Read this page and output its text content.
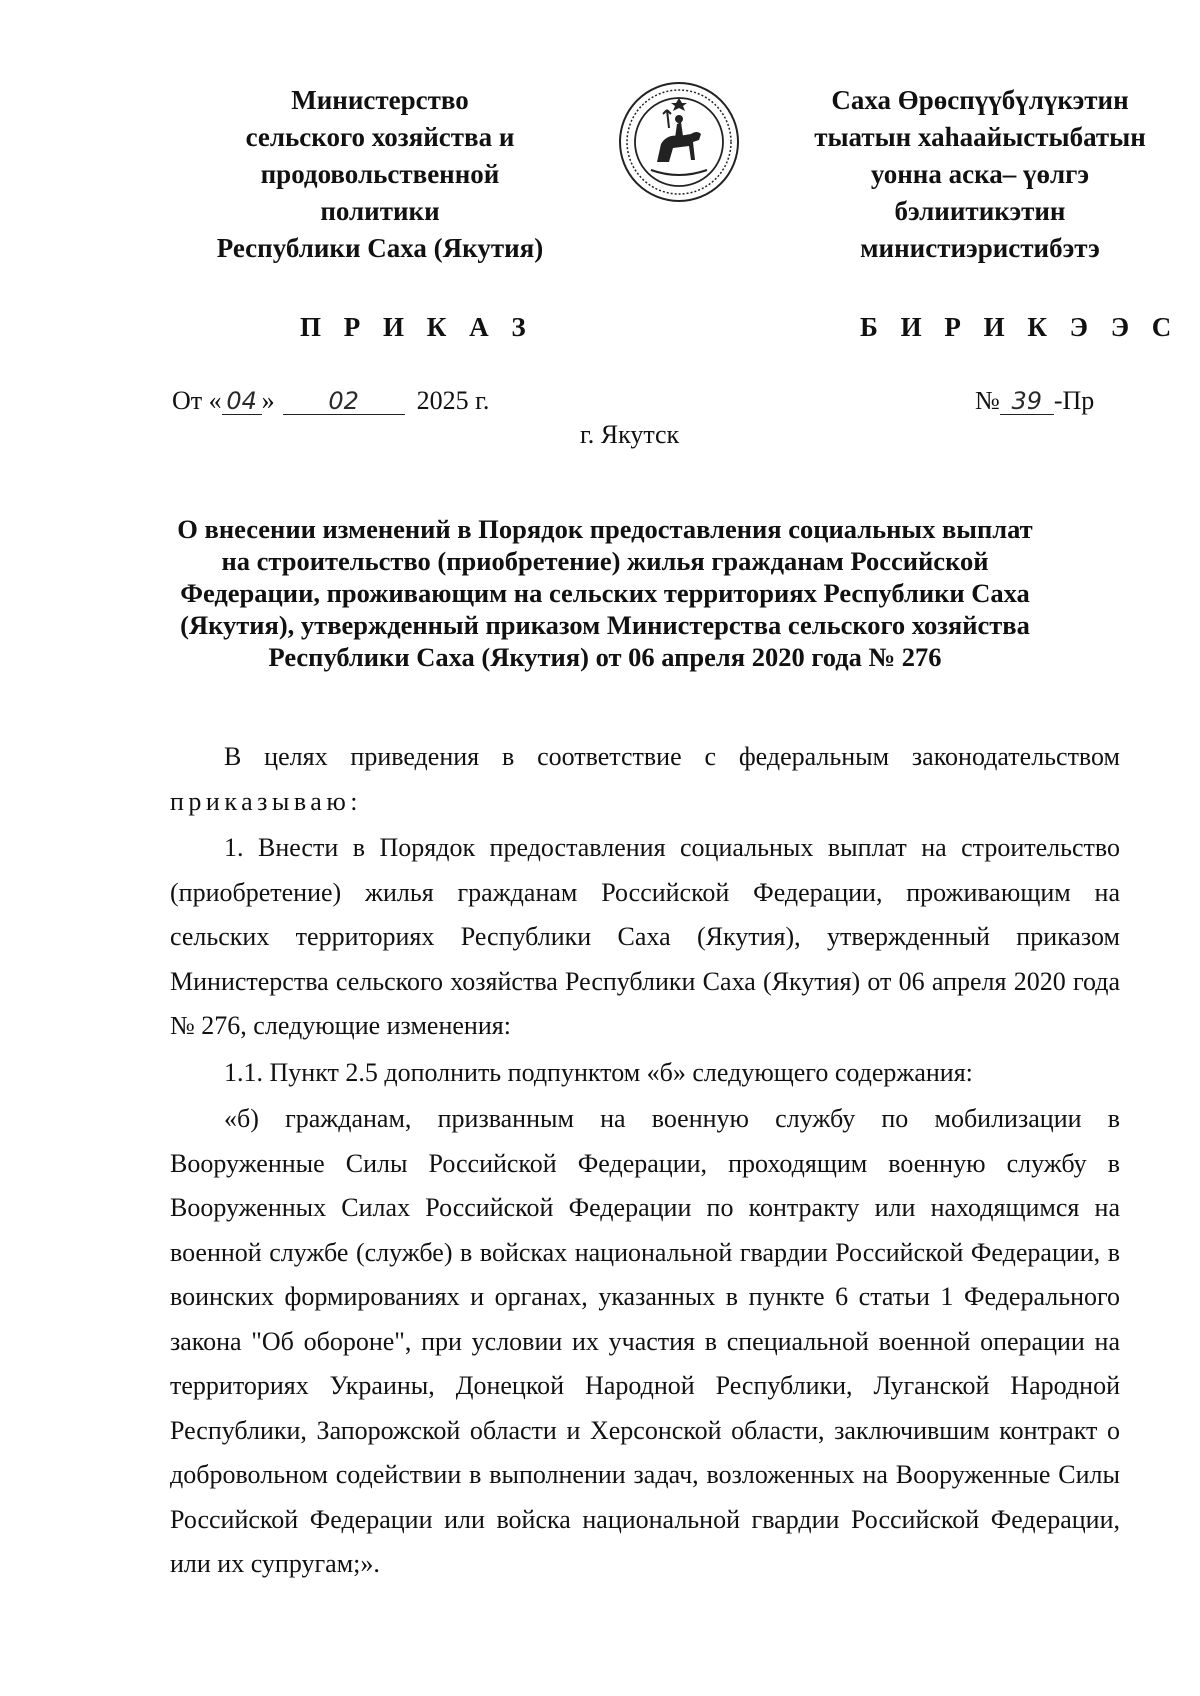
Министерство
сельского хозяйства и
продовольственной
политики
Республики Саха (Якутия)
Саха Өрөспүүбүлүкэтин
тыатын хаһаайыстыбатын
уонна аска– үөлгэ
бэлиитикэтин
министиэристибэтэ
П Р И К А З	Б И Р И К Э Э С
От « 04 » 02 2025 г.	№ 39 -Пр
г. Якутск
О внесении изменений в Порядок предоставления социальных выплат
на строительство (приобретение) жилья гражданам Российской
Федерации, проживающим на сельских территориях Республики Саха
(Якутия), утвержденный приказом Министерства сельского хозяйства
Республики Саха (Якутия) от 06 апреля 2020 года № 276
В целях приведения в соответствие с федеральным законодательством
приказываю:
1. Внести в Порядок предоставления социальных выплат на строительство (приобретение) жилья гражданам Российской Федерации, проживающим на сельских территориях Республики Саха (Якутия), утвержденный приказом Министерства сельского хозяйства Республики Саха (Якутия) от 06 апреля 2020 года № 276, следующие изменения:
1.1. Пункт 2.5 дополнить подпунктом «б» следующего содержания:
«б) гражданам, призванным на военную службу по мобилизации в Вооруженные Силы Российской Федерации, проходящим военную службу в Вооруженных Силах Российской Федерации по контракту или находящимся на военной службе (службе) в войсках национальной гвардии Российской Федерации, в воинских формированиях и органах, указанных в пункте 6 статьи 1 Федерального закона "Об обороне", при условии их участия в специальной военной операции на территориях Украины, Донецкой Народной Республики, Луганской Народной Республики, Запорожской области и Херсонской области, заключившим контракт о добровольном содействии в выполнении задач, возложенных на Вооруженные Силы Российской Федерации или войска национальной гвардии Российской Федерации, или их супругам;».
